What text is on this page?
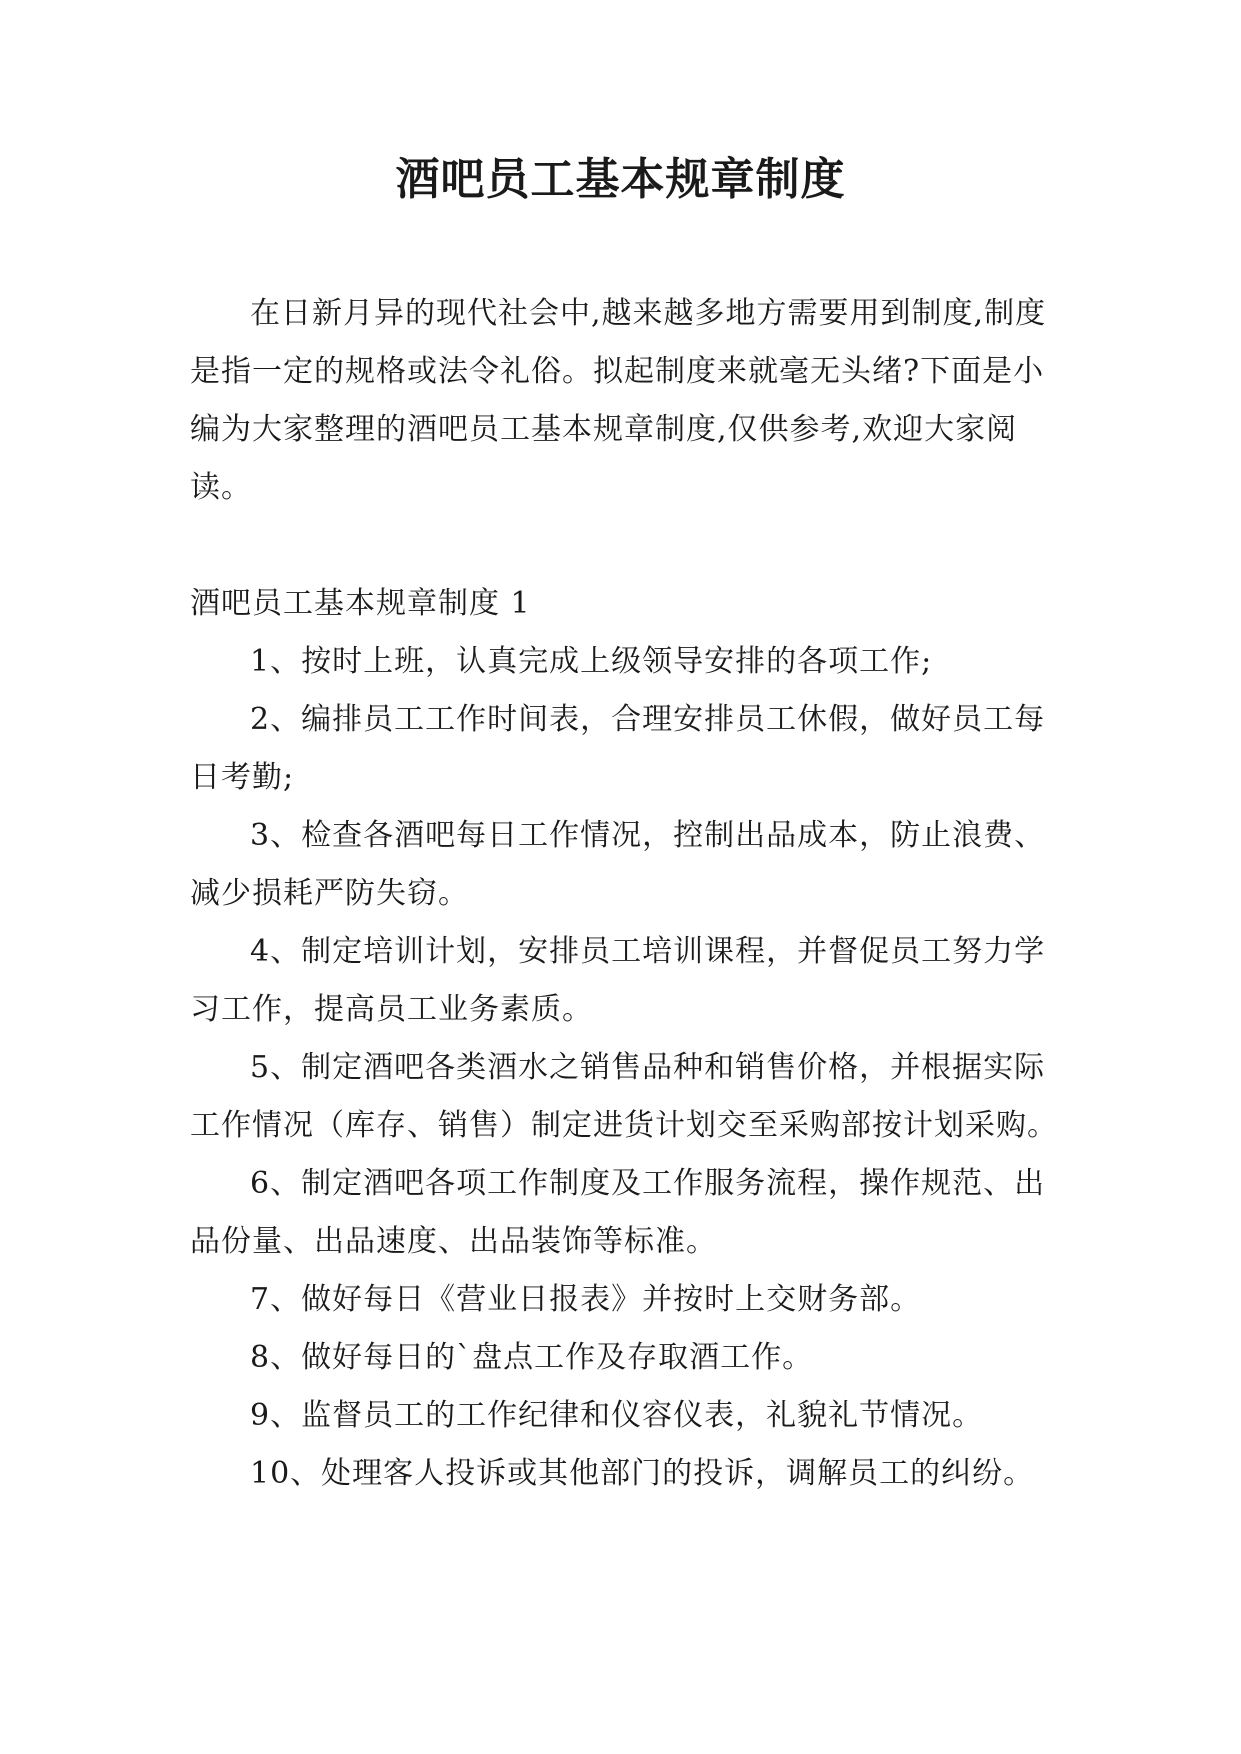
酒吧员工基本规章制度

在日新月异的现代社会中,越来越多地方需要用到制度,制度是指一定的规格或法令礼俗。拟起制度来就毫无头绪?下面是小编为大家整理的酒吧员工基本规章制度,仅供参考,欢迎大家阅读。

酒吧员工基本规章制度 1

1、按时上班，认真完成上级领导安排的各项工作;

2、编排员工工作时间表，合理安排员工休假，做好员工每日考勤;

3、检查各酒吧每日工作情况，控制出品成本，防止浪费、减少损耗严防失窃。

4、制定培训计划，安排员工培训课程，并督促员工努力学习工作，提高员工业务素质。

5、制定酒吧各类酒水之销售品种和销售价格，并根据实际工作情况（库存、销售）制定进货计划交至采购部按计划采购。

6、制定酒吧各项工作制度及工作服务流程，操作规范、出品份量、出品速度、出品装饰等标准。

7、做好每日《营业日报表》并按时上交财务部。

8、做好每日的`盘点工作及存取酒工作。

9、监督员工的工作纪律和仪容仪表，礼貌礼节情况。

10、处理客人投诉或其他部门的投诉，调解员工的纠纷。
